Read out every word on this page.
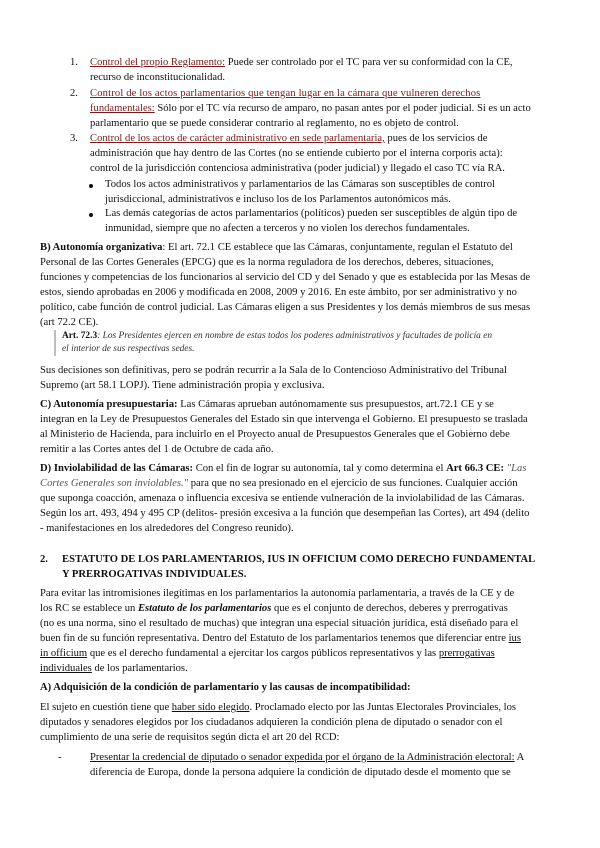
1. Control del propio Reglamento: Puede ser controlado por el TC para ver su conformidad con la CE,
recurso de inconstitucionalidad.
2. Control de los actos parlamentarios que tengan lugar en la cámara que vulneren derechos
fundamentales: Sólo por el TC vía recurso de amparo, no pasan antes por el poder judicial. Si es un acto
parlamentario que se puede considerar contrario al reglamento, no es objeto de control.
3. Control de los actos de carácter administrativo en sede parlamentaria, pues de los servicios de
administración que hay dentro de las Cortes (no se entiende cubierto por el interna corporis acta):
control de la jurisdicción contenciosa administrativa (poder judicial) y llegado el caso TC vía RA.
Todos los actos administrativos y parlamentarios de las Cámaras son susceptibles de control
jurisdiccional, administrativos e incluso los de los Parlamentos autonómicos más.
Las demás categorías de actos parlamentarios (políticos) pueden ser susceptibles de algún tipo de
inmunidad, siempre que no afecten a terceros y no violen los derechos fundamentales.
B) Autonomía organizativa: El art. 72.1 CE establece que las Cámaras, conjuntamente, regulan el Estatuto del
Personal de las Cortes Generales (EPCG) que es la norma reguladora de los derechos, deberes, situaciones,
funciones y competencias de los funcionarios al servicio del CD y del Senado y que es establecida por las Mesas de
estos, siendo aprobadas en 2006 y modificada en 2008, 2009 y 2016. En este ámbito, por ser administrativo y no
político, cabe función de control judicial. Las Cámaras eligen a sus Presidentes y los demás miembros de sus mesas
(art 72.2 CE).
Art. 72.3: Los Presidentes ejercen en nombre de estas todos los poderes administrativos y facultades de policía en
el interior de sus respectivas sedes.
Sus decisiones son definitivas, pero se podrán recurrir a la Sala de lo Contencioso Administrativo del Tribunal
Supremo (art 58.1 LOPJ). Tiene administración propia y exclusiva.
C) Autonomía presupuestaria: Las Cámaras aprueban autónomamente sus presupuestos, art.72.1 CE y se
integran en la Ley de Presupuestos Generales del Estado sin que intervenga el Gobierno. El presupuesto se traslada
al Ministerio de Hacienda, para incluirlo en el Proyecto anual de Presupuestos Generales que el Gobierno debe
remitir a las Cortes antes del 1 de Octubre de cada año.
D) Inviolabilidad de las Cámaras: Con el fin de lograr su autonomía, tal y como determina el Art 66.3 CE: "Las
Cortes Generales son inviolables." para que no sea presionado en el ejercicio de sus funciones. Cualquier acción
que suponga coacción, amenaza o influencia excesiva se entiende vulneración de la inviolabilidad de las Cámaras.
Según los art. 493, 494 y 495 CP (delitos- presión excesiva a la función que desempeñan las Cortes), art 494 (delito
- manifestaciones en los alrededores del Congreso reunido).
2. ESTATUTO DE LOS PARLAMENTARIOS, IUS IN OFFICIUM COMO DERECHO FUNDAMENTAL
Y PRERROGATIVAS INDIVIDUALES.
Para evitar las intromisiones ilegítimas en los parlamentarios la autonomía parlamentaria, a través de la CE y de
los RC se establece un Estatuto de los parlamentarios que es el conjunto de derechos, deberes y prerrogativas
(no es una norma, sino el resultado de muchas) que integran una especial situación jurídica, está diseñado para el
buen fin de su función representativa. Dentro del Estatuto de los parlamentarios tenemos que diferenciar entre ius
in officium que es el derecho fundamental a ejercitar los cargos públicos representativos y las prerrogativas
individuales de los parlamentarios.
A) Adquisición de la condición de parlamentario y las causas de incompatibilidad:
El sujeto en cuestión tiene que haber sido elegido. Proclamado electo por las Juntas Electorales Provinciales, los
diputados y senadores elegidos por los ciudadanos adquieren la condición plena de diputado o senador con el
cumplimiento de una serie de requisitos según dicta el art 20 del RCD:
-	Presentar la credencial de diputado o senador expedida por el órgano de la Administración electoral: A
diferencia de Europa, donde la persona adquiere la condición de diputado desde el momento que se
